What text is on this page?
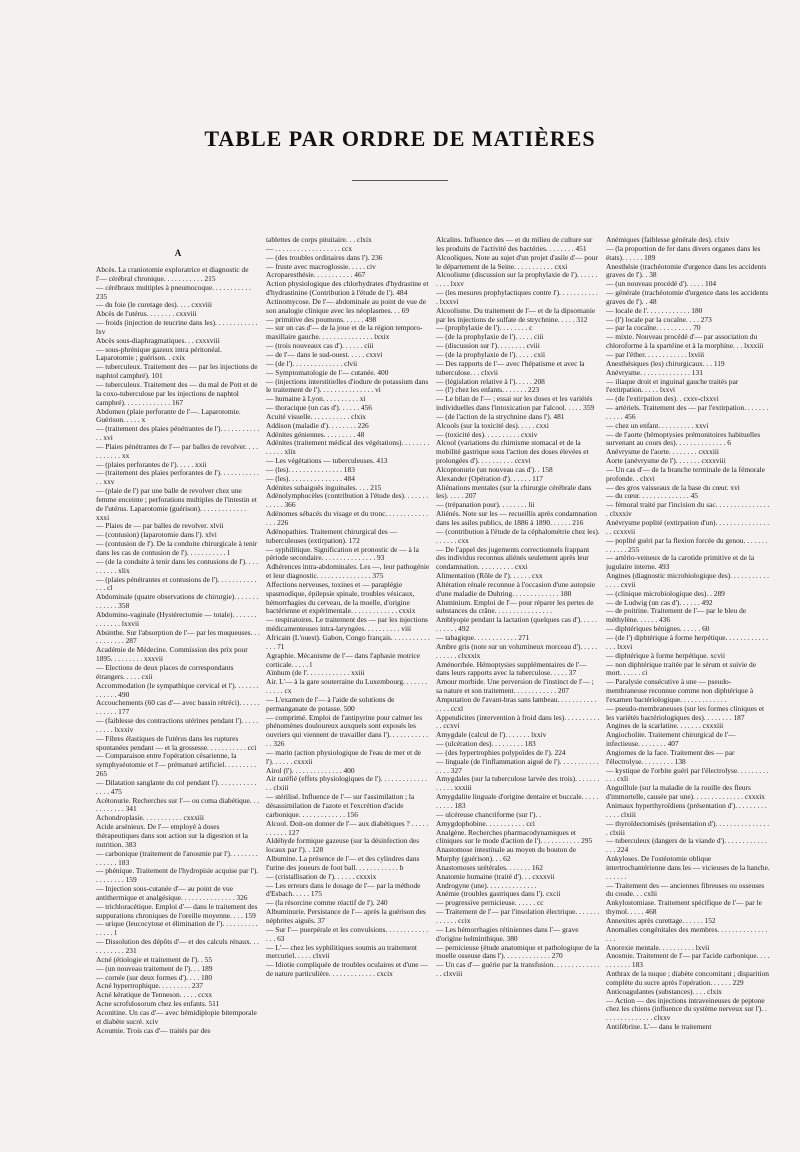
TABLE PAR ORDRE DE MATIÈRES
A
Abcès. La craniotomie exploratrice et diagnostic de l'— cérébral chronique. . . . . . . . . . . 215
— cérébraux multiples à pneumocoque. . . . . . . . . . . 235
— du foie (le curetage des). . . . cxxviii
Abcès de l'utérus. . . . . . . . cxxviii
— froids (injection de teucrine dans les). . . . . . . . . . . . lxv
Abcès sous-diaphragmatiques. . . cxxxviii
— sous-phrénique gazeux intra péritonéal. Laparotomie ; guérison. . cxix
— tuberculeux. Traitement des — par les injections de naphtol camphré). 101
— tuberculeux. Traitement des — du mal de Pott et de la coxo-tuberculose par les injections de naphtol camphré). . . . . . . . . . . . . 167
Abdomen (plaie perforante de l'—. Laparotomie. Guérison. . . . . x
— (traitement des plaies pénétrantes de l'). . . . . . . . . . . . . xvi
— Plaies pénétrantes de l'— par balles de revolver. . . . . . . . . . . xx
— (plaies perforantes de l'). . . . . xxii
— (traitement des plaies perforantes de l'). . . . . . . . . . . . . xxv
— (plaie de l') par une balle de revolver chez une femme enceinte ; perforations multiples de l'intestin et de l'utérus. Laparotomie (guérison). . . . . . . . . . . . . xxxi
— Plaies de — par balles de revolver. xlvii
— (contusion) (laparotomie dans l'). xlvi
— (contusion de l'). De la conduite chirurgicale à tenir dans les cas de contusion de l'). . . . . . . . . . . l
— (de la conduite à tenir dans les contusions de l'). . . . . . . . . . xlix
— (plaies pénétrantes et contusions de l'). . . . . . . . . . . . . . cl
Abdominale (quatre observations de chirurgie). . . . . . . . . . . . . 358
Abdomino-vaginale (Hystérectomie — totale). . . . . . . . . . . . . . lxxvii
Absinthe. Sur l'absorption de l'— par les muqueuses. . . . . . . . . . . 287
Académie de Médecine. Commission des prix pour 1895. . . . . . . . . xxxvii
— Elections de deux places de correspondants étrangers. . . . . cxii
Accommodation (le sympathique cervical et l'). . . . . . . . . . . . . 490
Accouchements (60 cas d'— avec bassin rétréci). . . . . . . . . . . . 177
— (faiblesse des contractions utérines pendant l'). . . . . . . . . . lxxxiv
— Fibres élastiques de l'utérus dans les ruptures spontanées pendant — et la grossesse. . . . . . . . . . . cci
— Comparaison entre l'opération césarienne, la symphyséotomie et l'— prématuré artificiel. . . . . . . . . 265
— Dilatation sanglante du col pendant l'). . . . . . . . . . . . . . . 475
Acétonurie. Recherches sur l'— ou coma diabétique. . . . . . . . . . . 341
Achondroplasie. . . . . . . . . . . cxxxiii
Acide arsénieux. De l'— employé à doses thérapeutiques dans son action sur la digestion et la nutrition. 383
— carbonique (traitement de l'anosmie par l'). . . . . . . . . . . . . . 183
— phénique. Traitement de l'hydropisie acquise par l'). . . . . . . . . 159
— Injection sous-cutanée d'— au point de vue antithermique et analgésique. . . . . . . . . . . . . . . 326
— trichloracétique. Emploi d'— dans le traitement des suppurations chroniques de l'oreille moyenne. . . . 159
— urique (leucocytose et élimination de l'). . . . . . . . . . . . . . . l
— Dissolution des dépôts d'— et des calculs rénaux. . . . . . . . . . . 231
Acné (étiologie et traitement de l'). . 55
— (un nouveau traitement de l'). . . 189
— cornée (sur deux formes d'). . . . 180
Acné hypertrophique. . . . . . . . . 237
Acné kératique de Tenneson. . . . . ccxx
Acne scrofulosorum chez les enfants. 511
Aconitine. Un cas d'— avec hémidiplopie bitemporale et diabète sucré. xciv
Acoumie. Trois cas d'— traités par des
tablettes de corps pituitaire. . . clxix
— . . . . . . . . . . . . . . . . . . ccx
— (des troubles ordinaires dans l'). 236
— fruste avec macroglossie. . . . . civ
Acroparesthésie. . . . . . . . . . . 467
Action physiologique des chlorhydrates d'hydrastine et d'hydrastinine (Contribution à l'étude de l'). 484
Actinomycose. De l'— abdominale au point de vue de son analogie clinique avec les néoplasmes. . . 69
— primitive des poumons. . . . . . 498
— sur un cas d'— de la joue et de la région temporo-maxillaire gauche. . . . . . . . . . . . . . . lxxix
— (trois nouveaux cas d'). . . . . . ciii
— de l'— dans le sud-ouest. . . . . cxxvi
— (de l'). . . . . . . . . . . . . . clvii
— Symptomatologie de l'— cutanée. 400
— (injections interstitielles d'iodure de potassium dans le traitement de l'). . . . . . . . . . . . . . . vi
— humaine à Lyon. . . . . . . . . . xi
— thoracique (un cas d'). . . . . . 456
Acuité visuelle. . . . . . . . . . . clxix
Addison (maladie d'). . . . . . . . 226
Adénites géniennes. . . . . . . . . 48
Adénites (traitement médical des végétations). . . . . . . . . . . . . xlix
— Les végétations — tuberculeuses. 413
— (les). . . . . . . . . . . . . . . 183
— (les). . . . . . . . . . . . . . . 484
Adénites subaiguës inguinales. . . . 215
Adénolymphocèles (contribution à l'étude des). . . . . . . . . . . . 366
Adénomes sébacés du visage et du tronc. . . . . . . . . . . . . . . 226
Adénopathies. Traitement chirurgical des — tuberculeuses (extirpation). 172
— syphilitique. Signification et pronostic de — à la période secondaire. . . . . . . . . . . . . . . 93
Adhérences intra-abdominales. Les —, leur pathogénie et leur diagnostic. . . . . . . . . . . . . . . 375
Affections nerveuses, toxines et — paraplégie spasmodique, épilepsie spinale, troubles vésicaux, hémorrhagies du cerveau, de la moelle, d'origine bactérienne et expérimentale. . . . . . . . . . . . . cxxix
— respiratoires. Le traitement des — par les injections médicamenteuses intra-laryngées. . . . . . . . . . viii
Africain (L'ouest). Gabon, Congo français. . . . . . . . . . . . . . 71
Agraphie. Mécanisme de l'— dans l'aphasie motrice corticale. . . . . l
Aïnhum (de l'. . . . . . . . . . . . xxiii
Air. L'— à la gare souterraine du Luxembourg. . . . . . . . . . . . cx
— L'examen de l'— à l'aide de solutions de permanganate de potasse. 500
— comprimé. Emploi de l'antipyrine pour calmer les phénomènes douloureux auxquels sont exposés les ouvriers qui viennent de travailler dans l'). . . . . . . . . . . . . 326
— marin (action physiologique de l'eau de mer et de l'). . . . . . cxxxii
Airol (l'). . . . . . . . . . . . . . 400
Air raréfié (effets physiologiques de l'). . . . . . . . . . . . . . . clxiii
— stérilisé. Influence de l'— sur l'assimilation ; la désassimilation de l'azote et l'excrétion d'acide carbonique. . . . . . . . . . . . . 156
Alcool. Doit-on donner de l'— aux diabétiques ? . . . . . . . . . . . 127
Aldéhyde formique gazeuse (sur la désinfection des locaux par l'). . 128
Albumine. La présence de l'— et des cylindres dans l'urine des joueurs de foot ball. . . . . . . . . . . . b
— (cristallisation de l'). . . . . . cxxxix
— Les erreurs dans le dosage de l'— par la méthode d'Esbach. . . . . 175
— (la résorcine comme réactif de l'). 240
Albuminurie. Persistance de l'— après la guérison des néphrites aiguës. 37
— Sur l'— puerpérale et les convulsions. . . . . . . . . . . . . . . 63
— L'— chez les syphilitiques soumis au traitement mercuriel. . . . . clxvii
— Idiotie compliquée de troubles oculaires et d'une — de nature particulière. . . . . . . . . . . . . cxcix
Alcalins. Influence des — et du milieu de culture sur les produits de l'activité des bactéries. . . . . . . . 451
Alcooliques. Note au sujet d'un projet d'asile d'— pour le département de la Seine. . . . . . . . . . . cxxi
Alcoolisme (discussion sur la prophylaxie de l'). . . . . . . . . . lxxv
— (les mesures prophylactiques contre l'). . . . . . . . . . . . lxxxvi
Alcoolisme. Du traitement de l'— et de la dipsomanie par les injections de sulfate de strychnine. . . . . 312
— (prophylaxie de l'). . . . . . . . c
— (de la prophylaxie de l'). . . . . ciii
— (discussion sur l'). . . . . . . . cviii
— (de la prophylaxie de l'). . . . . cxii
— Des rapports de l'— avec l'hépatisme et avec la tuberculose. . . clxvii
— (législation relative à l'). . . . . 208
— (l') chez les enfants. . . . . . . 223
— Le bilan de l'— ; essai sur les doses et les variétés individuelles dans l'intoxication par l'alcool. . . . . 359
— (de l'action de la strychnine dans l'). 481
Alcools (sur la toxicité des). . . . . cxxi
— (toxicité des). . . . . . . . . . cxxiv
Alcool (variations du chimisme stomacal et de la mobilité gastrique sous l'action des doses élevées et prolongées d'). . . . . . . . . . ccxvi
Alcoptonurie (un nouveau cas d'). . 158
Alexander (Opération d'). . . . . . 117
Aliénations mentales (sur la chirurgie cérébrale dans les). . . . . 207
— (trépanation pour). . . . . . . . lii
Aliénés. Note sur les — recueillis après condamnation dans les asiles publics, de 1886 à 1890. . . . . . 216
— (contribution à l'étude de la céphalométrie chez les). . . . . . . cxx
— De l'appel des jugements correctionnels frappant des individus reconnus aliénés seulement après leur condamnation. . . . . . . . . . cxxi
Alimentation (Rôle de l'). . . . . . cxx
Altération rénale reconnue à l'occasion d'une autopsie d'une maladie de Duhring. . . . . . . . . . . . . 180
Aluminium. Emploi de l'— pour réparer les pertes de substances du crâne. . . . . . . . . . . . . . . .
Amblyopie pendant la lactation (quelques cas d'). . . . . . . . . . . 492
— tabagique. . . . . . . . . . . . 271
Ambre gris (note sur un volumineux morceau d'). . . . . . . . . . . clxxxix
Aménorrhée. Hémoptysies supplémentaires de l'— dans leurs rapports avec la tuberculose. . . . . 37
Amour morbide. Une perversion de l'instinct de l'— ; sa nature et son traitement. . . . . . . . . . . . 207
Amputation de l'avant-bras sans lambeau. . . . . . . . . . . . . . . ccxl
Appendicites (intervention à froid dans les). . . . . . . . . . . . ccxvi
Amygdale (calcul de l'). . . . . . . lxxiv
— (ulcération des). . . . . . . . . 183
— (des hypertrophies polypoïdes de l'). 224
— linguale (de l'inflammation aiguë de l'). . . . . . . . . . . . . . . 327
Amygdales (sur la tuberculose larvée des trois). . . . . . . . . . . . xxxiii
Amygdalite linguale d'origine dentaire et buccale. . . . . . . . . . 183
— ulcéreuse chancriforme (sur l'). .
Amygdophobine. . . . . . . . . . . cci
Analgène. Recherches pharmacodynamiques et cliniques sur le mode d'action de l'). . . . . . . . . . . 295
Anastomose intestinale au moyen du bouton de Murphy (guérison). . . 62
Anastomoses urétérales. . . . . . . 162
Anatomie humaine (traité d'). . . cxxxvii
Androgyne (une). . . . . . . . . . . . . .
Anémie (troubles gastriques dans l'). cxcii
— progressive pernicieuse. . . . . . cc
— Traitement de l'— par l'insolation électrique. . . . . . . . . . . . . ccix
— Les hémorrhagies rétiniennes dans l'— grave d'origine helminthique. 380
— pernicieuse (étude anatomique et pathologique de la moelle osseuse dans l'). . . . . . . . . . . . . 270
— Un cas d'— guérie par la transfusion. . . . . . . . . . . . . . . clxviii
Anémiques (faiblesse générale des). clxiv
— (la proportion de fer dans divers organes dans les états). . . . . . 189
Anesthésie (trachéotomie d'urgence dans les accidents graves de l'). . 38
— (un nouveau procédé d'). . . . . 104
— générale (trachéotomie d'urgence dans les accidents graves de l'). . 48
— locale de l'. . . . . . . . . . . . 180
— (l') locale par la cocaïne. . . . 273
— par la cocaïne. . . . . . . . . . 70
— mixte. Nouveau procédé d'— par association du chloroforme à la spartéine et à la morphine. . . lxxxiii
— par l'éther. . . . . . . . . . . . lxviii
Anesthésiques (les) chirurgicaux. . . 119
Anévrysme. . . . . . . . . . . . . . 131
— iliaque droit et inguinal gauche traités par l'extirpation. . . . . lxxvi
— (de l'extirpation des). . cxxv-clxxvi
— artériels. Traitement des — par l'extirpation. . . . . . . . . . . . 456
— chez un enfant. . . . . . . . . . xxvi
— de l'aorte (hémoptysies prémonitoires habituelles survenant au cours des). . . . . . . . . . . . . . 6
Anévrysme de l'aorte. . . . . . . . cxxxiii
Aorte (anévrysme de l'). . . . . . . cxxxviii
— Un cas d'— de la branche terminale de la fémorale profonde. . clxvi
— des gros vaisseaux de la base du cœur. xvi
— du cœur. . . . . . . . . . . . . . 45
— fémoral traité par l'incision du sac. . . . . . . . . . . . . . . . clxxxiv
Anévrysme poplité (extirpation d'un). . . . . . . . . . . . . . . . . ccxxvii
— poplité guéri par la flexion forcée du genou. . . . . . . . . . . . . 255
— artério-veineux de la carotide primitive et de la jugulaire interne. 493
Angines (diagnostic microbiologique des). . . . . . . . . . . . . . . cxvii
— (clinique microbiologique des). . 289
— de Ludwig (un cas d'). . . . . . 492
— de poitrine. Traitement de l'— par le bleu de méthylène. . . . . . 436
— diphtériques bénignes. . . . . . 60
— (de l') diphtérique à forme herpétique. . . . . . . . . . . . . . . lxxvi
— diphtérique à forme herpétique. xcvii
— non diphtérique traitée par le sérum et suivie de mort. . . . . . ci
— Paralysie consécutive à une — pseudo-membraneuse reconnue comme non diphtérique à l'examen bactériologique. . . . . . . . . . . . .
— pseudo-membraneuses (sur les formes cliniques et les variétés bactériologiques des). . . . . . . . 187
Angines de la scarlatine. . . . . . . cxxxiii
Angiocholite. Traitement chirurgical de l'— infectieuse. . . . . . . . 407
Angiomes de la face. Traitement des — par l'électrolyse. . . . . . . . . 138
— kystique de l'orbite guéri par l'électrolyse. . . . . . . . . . . . cxli
Anguillule (sur la maladie de la rouille des fleurs d'immortelle, causée par une). . . . . . . . . . . . . . cxxxix
Animaux hyperthyroïdiens (présentation d'). . . . . . . . . . . . . clxiii
— thyroïdectomisés (présentation d'). . . . . . . . . . . . . . . . clxiii
— tuberculeux (dangers de la viande d'). . . . . . . . . . . . . . . 224
Ankyloses. De l'ostéotomie oblique intertrochantérienne dans les — vicieuses de la hanche. . . . . . .
— Traitement des — anciennes fibreuses ou osseuses du coude. . . cxlii
Ankylostomiase. Traitement spécifique de l'— par le thymol. . . . . 468
Annexites après curettage. . . . . . 152
Anomalies congénitales des membres. . . . . . . . . . . . . . . . .
Anorexie mentale. . . . . . . . . . lxvii
Anosmie. Traitement de l'— par l'acide carbonique. . . . . . . . . . . 183
Anthrax de la nuque ; diabète concomitant ; disparition complète du sucre après l'opération. . . . . . 229
Anticoagulantes (substances). . . . clxix
— Action — des injections intraveineuses de peptone chez les chiens (influence du système nerveux sur l'). . . . . . . . . . . . . . . clxxv
Antifébrine. L'— dans le traitement
